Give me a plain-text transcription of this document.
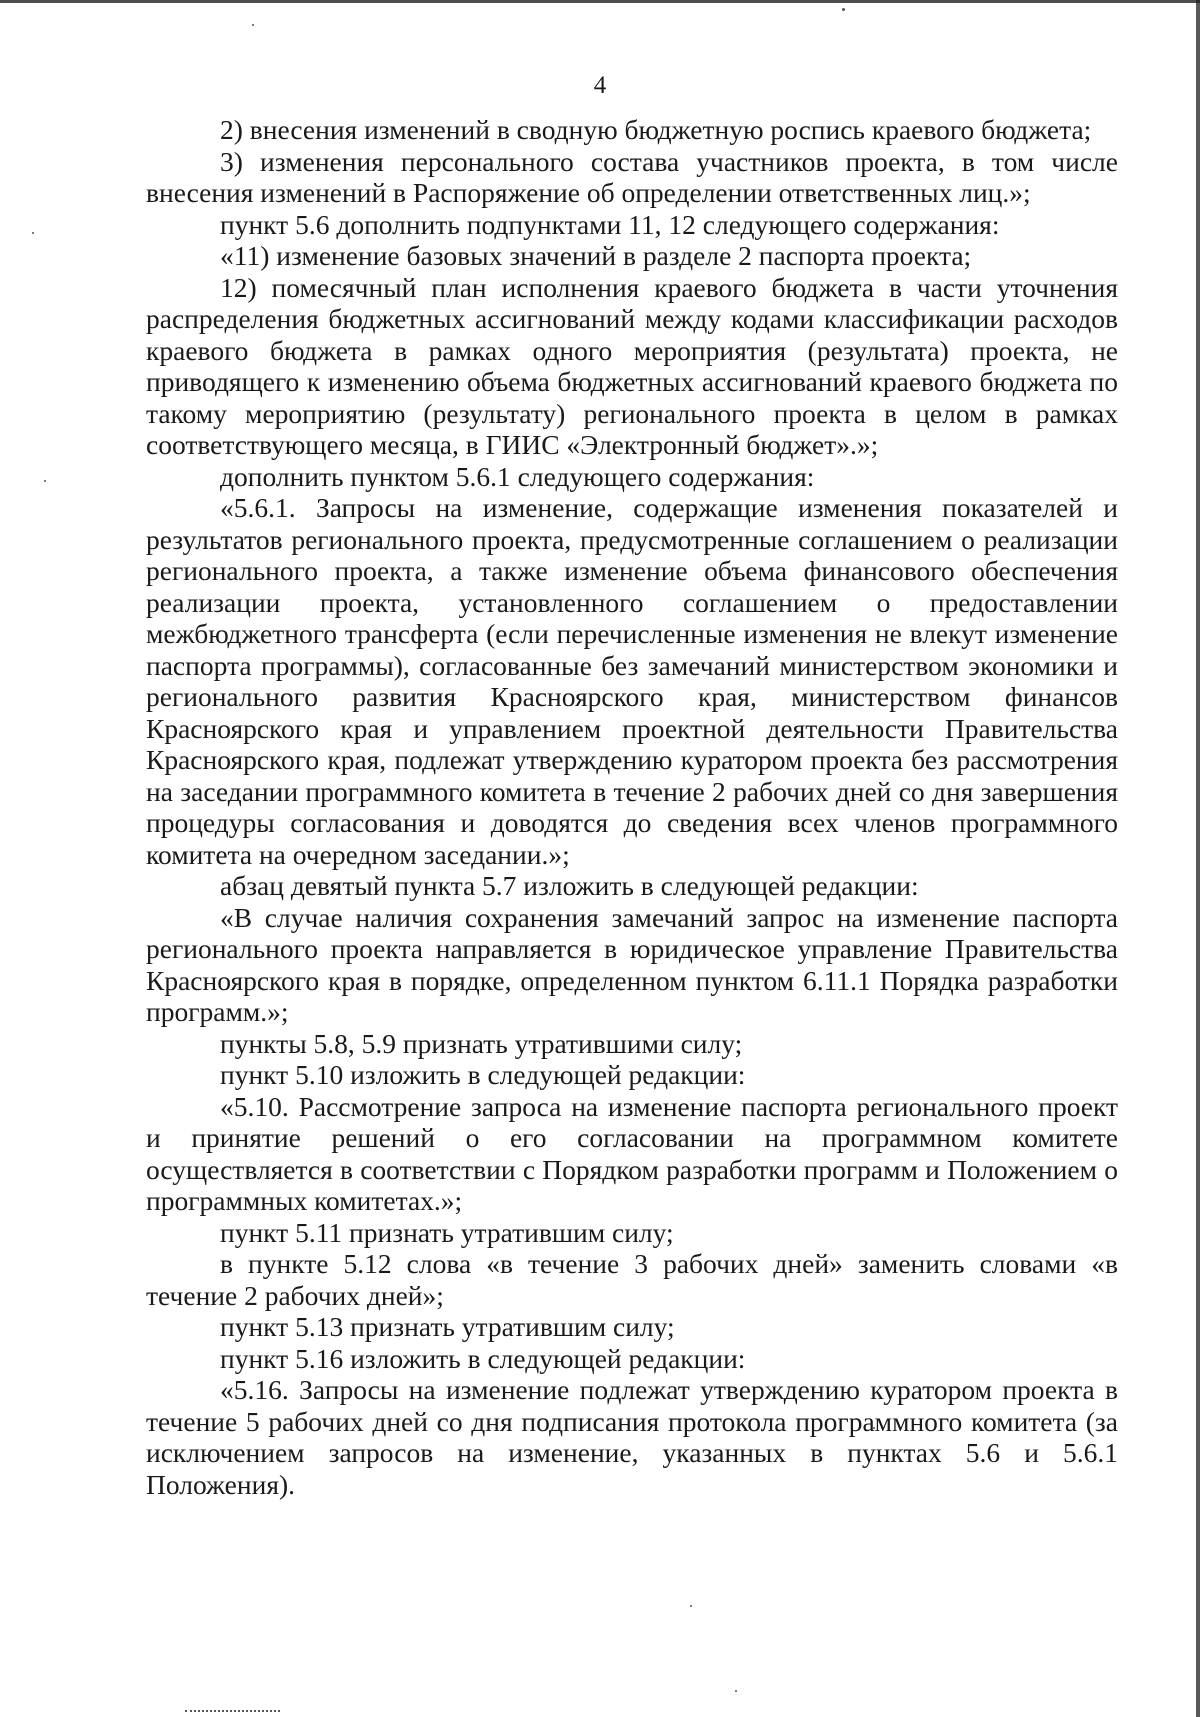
4

2) внесения изменений в сводную бюджетную роспись краевого бюджета;

3) изменения персонального состава участников проекта, в том числе внесения изменений в Распоряжение об определении ответственных лиц.»;

пункт 5.6 дополнить подпунктами 11, 12 следующего содержания:

«11) изменение базовых значений в разделе 2 паспорта проекта;

12) помесячный план исполнения краевого бюджета в части уточнения распределения бюджетных ассигнований между кодами классификации расходов краевого бюджета в рамках одного мероприятия (результата) проекта, не приводящего к изменению объема бюджетных ассигнований краевого бюджета по такому мероприятию (результату) регионального проекта в целом в рамках соответствующего месяца, в ГИИС «Электронный бюджет».»;

дополнить пунктом 5.6.1 следующего содержания:

«5.6.1. Запросы на изменение, содержащие изменения показателей и результатов регионального проекта, предусмотренные соглашением о реализации регионального проекта, а также изменение объема финансового обеспечения реализации проекта, установленного соглашением о предоставлении межбюджетного трансферта (если перечисленные изменения не влекут изменение паспорта программы), согласованные без замечаний министерством экономики и регионального развития Красноярского края, министерством финансов Красноярского края и управлением проектной деятельности Правительства Красноярского края, подлежат утверждению куратором проекта без рассмотрения на заседании программного комитета в течение 2 рабочих дней со дня завершения процедуры согласования и доводятся до сведения всех членов программного комитета на очередном заседании.»;

абзац девятый пункта 5.7 изложить в следующей редакции:

«В случае наличия сохранения замечаний запрос на изменение паспорта регионального проекта направляется в юридическое управление Правительства Красноярского края в порядке, определенном пунктом 6.11.1 Порядка разработки программ.»;

пункты 5.8, 5.9 признать утратившими силу;

пункт 5.10 изложить в следующей редакции:

«5.10. Рассмотрение запроса на изменение паспорта регионального проект и принятие решений о его согласовании на программном комитете осуществляется в соответствии с Порядком разработки программ и Положением о программных комитетах.»;

пункт 5.11 признать утратившим силу;

в пункте 5.12 слова «в течение 3 рабочих дней» заменить словами «в течение 2 рабочих дней»;

пункт 5.13 признать утратившим силу;

пункт 5.16 изложить в следующей редакции:

«5.16. Запросы на изменение подлежат утверждению куратором проекта в течение 5 рабочих дней со дня подписания протокола программного комитета (за исключением запросов на изменение, указанных в пунктах 5.6 и 5.6.1 Положения).
